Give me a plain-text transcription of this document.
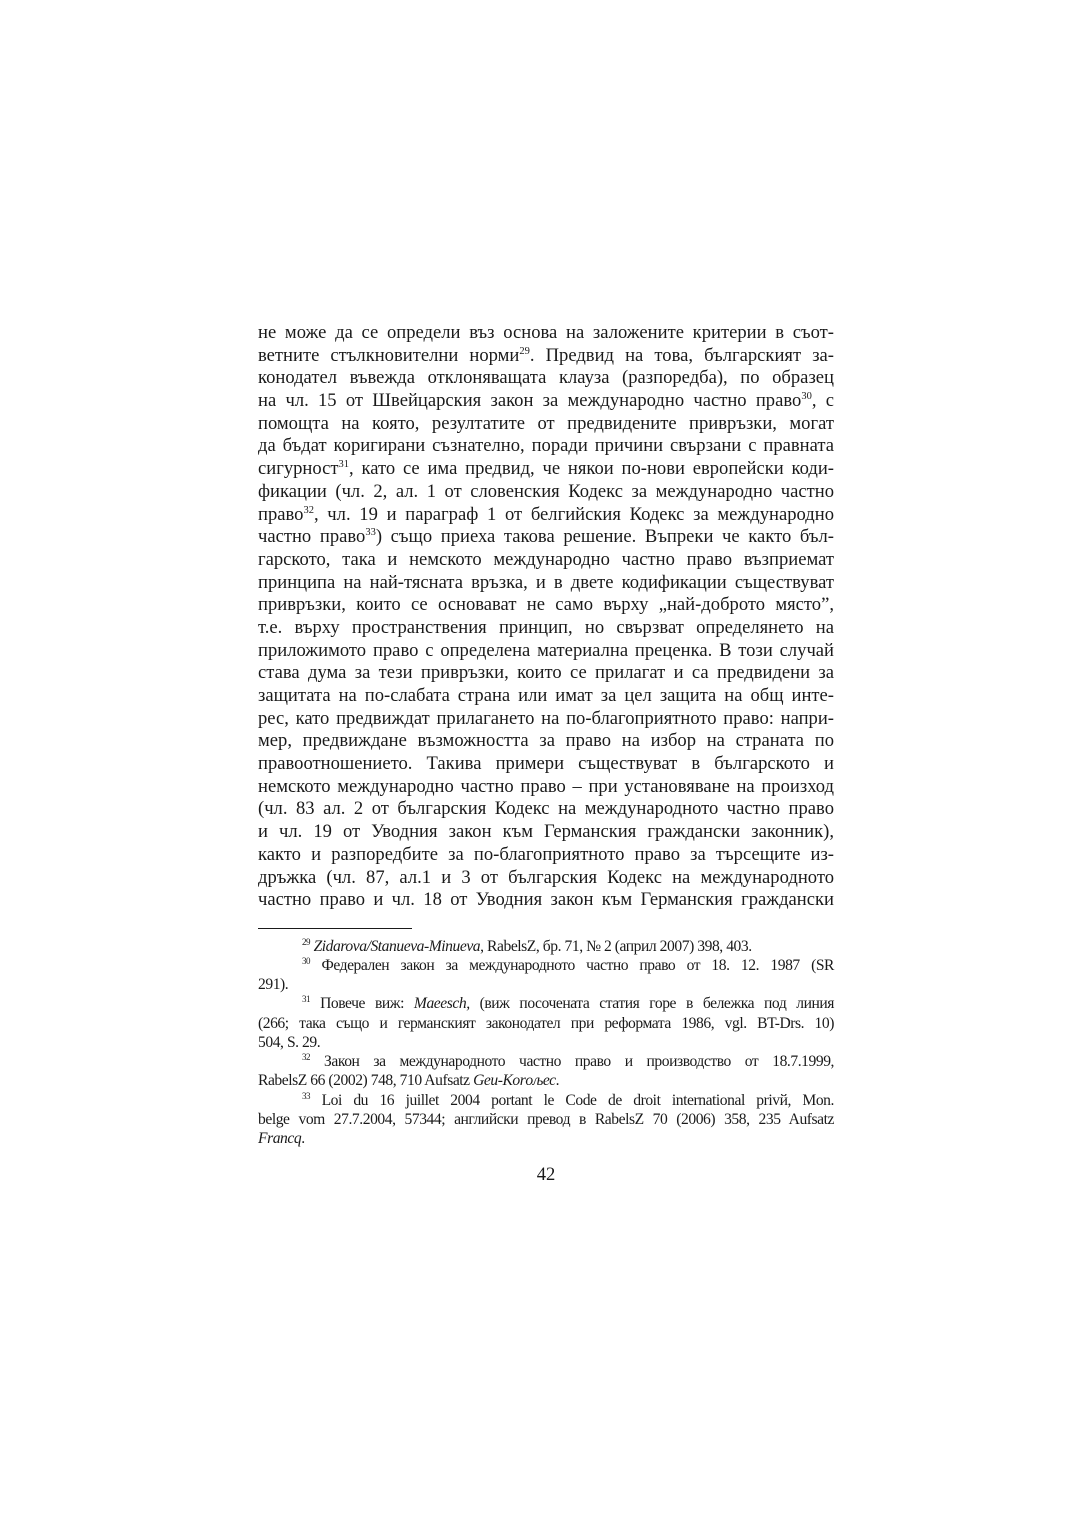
не може да се определи въз основа на заложените критерии в съот-
ветните стълкновителни норми$^{29}$. Предвид на това, българският за-
конодател въвежда отклоняващата клауза (разпоредба), по образец
на чл. 15 от Швейцарския закон за международно частно право$^{30}$, с
помощта на която, резултатите от предвидените привръзки, могат
да бъдат коригирани съзнателно, поради причини свързани с правната
сигурност$^{31}$, като се има предвид, че някои по-нови европейски коди-
фикации (чл. 2, ал. 1 от словенския Кодекс за международно частно
право$^{32}$, чл. 19 и параграф 1 от белгийския Кодекс за международно
частно право$^{33}$) също приеха такова решение. Въпреки че както бъл-
гарското, така и немското международно частно право възприемат
принципа на най-тясната връзка, и в двете кодификации съществуват
привръзки, които се основават не само върху „най-доброто място”,
т.е. върху пространствения принцип, но свързват определянето на
приложимото право с определена материална преценка. В този случай
става дума за тези привръзки, които се прилагат и са предвидени за
защитата на по-слабата страна или имат за цел защита на общ инте-
рес, като предвиждат прилагането на по-благоприятното право: напри-
мер, предвиждане възможността за право на избор на страната по
правоотношението. Такива примери съществуват в българското и
немското международно частно право – при установяване на произход
(чл. 83 ал. 2 от българския Кодекс на международното частно право
и чл. 19 от Уводния закон към Германския граждански законник),
както и разпоредбите за по-благоприятното право за търсещите из-
дръжка (чл. 87, ал.1 и 3 от българския Кодекс на международното
частно право и чл. 18 от Уводния закон към Германския граждански
$^{29}$ Zidarova/Stanueva-Minueva, RabelsZ, бр. 71, № 2 (април 2007) 398, 403.
$^{30}$ Федерален закон за международното частно право от 18. 12. 1987 (SR
291).
$^{31}$ Повече виж: Maeesch, (виж посочената статия горе в бележка под линия
(266; така също и германският законодател при реформата 1986, vgl. BT-Drs. 10)
504, S. 29.
$^{32}$ Закон за международното частно право и производство от 18.7.1999,
RabelsZ 66 (2002) 748, 710 Aufsatz Geu-Korољес.
$^{33}$ Loi du 16 juillet 2004 portant le Code de droit international privй, Mon.
belge vom 27.7.2004, 57344; английски превод в RabelsZ 70 (2006) 358, 235 Aufsatz
Francq.
42
